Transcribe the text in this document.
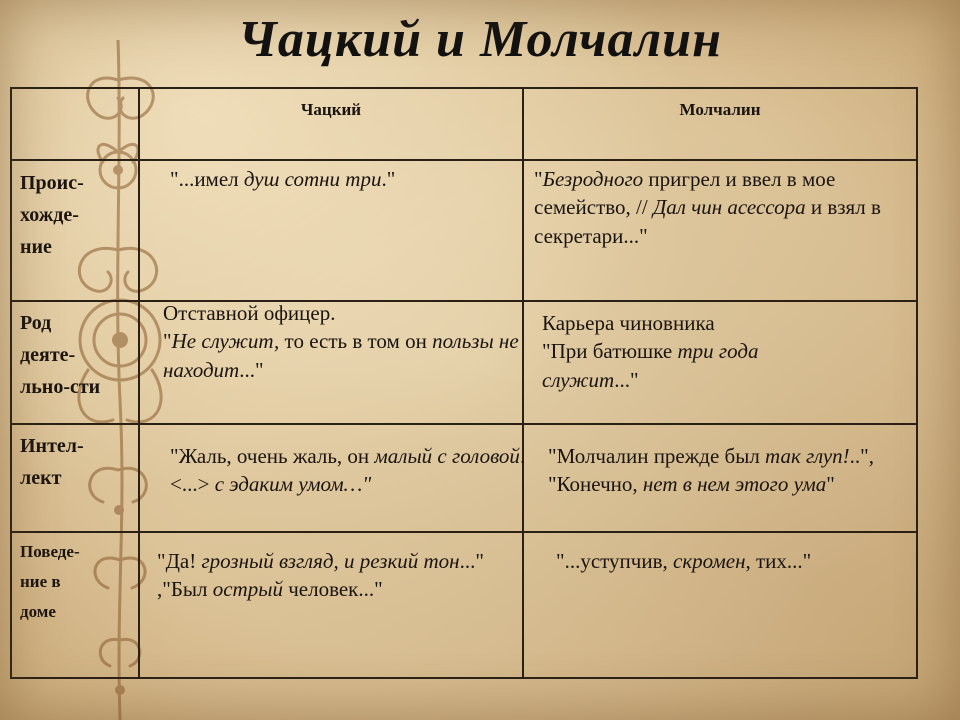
Чацкий и Молчалин
Чацкий	Молчалин
Проис-
хожде-
ние
Род
деяте-
льно-сти
Интел-
лект
Поведе-
ние в
доме
"...имел душ сотни три."	"Безродного пригрел и ввел в мое семейство, // Дал чин асессора и взял в секретари..."
Отставной офицер.
"Не служит, то есть в том он пользы не находит..."
Карьера чиновника
"При батюшке три года служит..."
"Жаль, очень жаль, он малый с головой. <...> с эдаким умом…"
"Молчалин прежде был так глуп!..", "Конечно, нет в нем этого ума"
"Да! грозный взгляд, и резкий тон..." ,"Был острый человек..."
"...уступчив, скромен, тих..."
